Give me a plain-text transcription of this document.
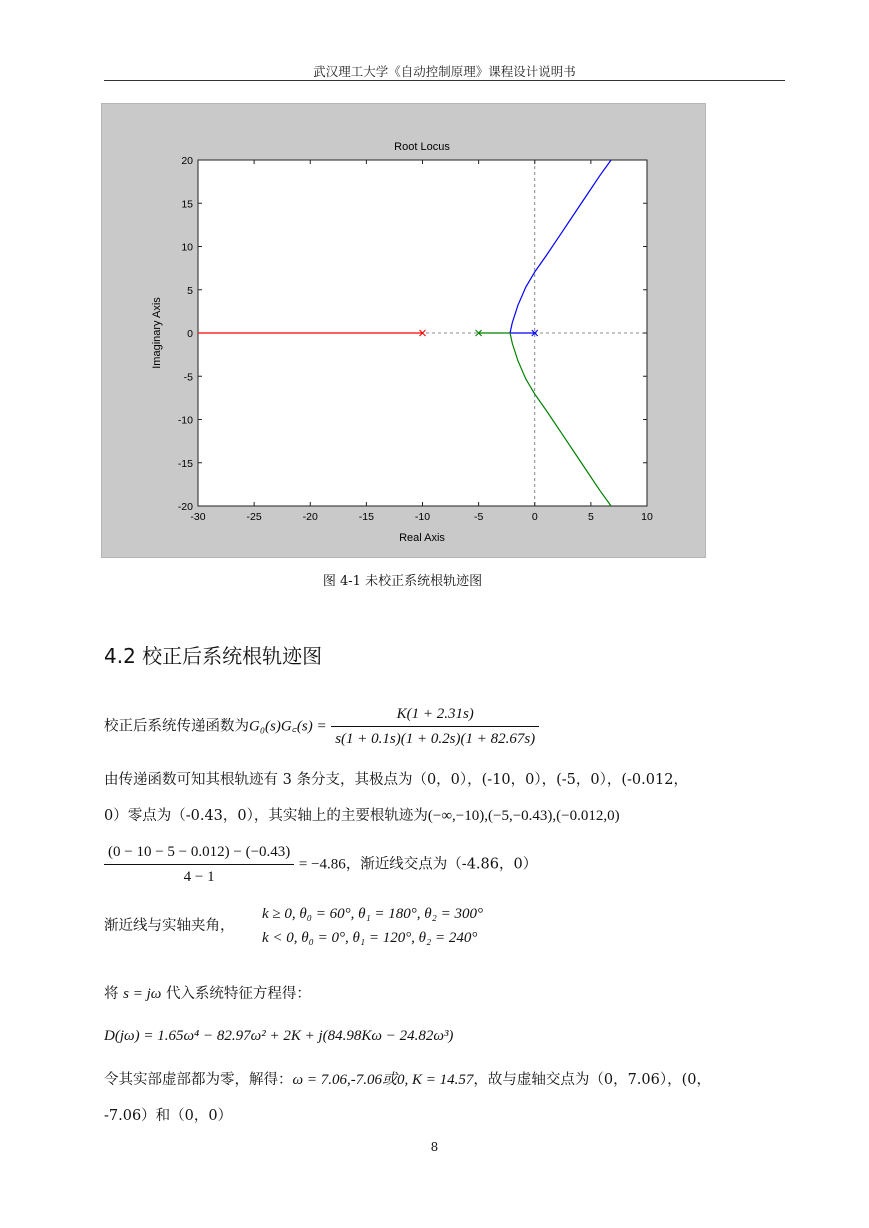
武汉理工大学《自动控制原理》课程设计说明书
-30	-25	-20	-15	-10	-5	0	5	10
20
15
10
5
0
-5
-10
-15
-20
Root Locus
Real Axis
Imaginary Axis
图 4-1 未校正系统根轨迹图
4.2 校正后系统根轨迹图
校正后系统传递函数为G₀(s)G꜀(s) = $\frac{K(1 + 2.31s)}{s(1 + 0.1s)(1 + 0.2s)(1 + 82.67s)}$
由传递函数可知其根轨迹有 3 条分支，其极点为（0，0），(-10，0），(-5，0），(-0.012，
0）零点为（-0.43，0），其实轴上的主要根轨迹为(−∞,−10),(−5,−0.43),(−0.012,0)
$\frac{(0 - 10 - 5 - 0.012) - (-0.43)}{4 - 1} = -4.86$，渐近线交点为（-4.86，0）
渐近线与实轴夹角，
k ≥ 0, θ₀ = 60°, θ₁ = 180°, θ₂ = 300°
k < 0, θ₀ = 0°, θ₁ = 120°, θ₂ = 240°
将 s = jω 代入系统特征方程得：
D(jω) = 1.65ω⁴ − 82.97ω² + 2K + j(84.98Kω − 24.82ω³)
令其实部虚部都为零，解得：ω = 7.06,-7.06或0, K = 14.57，故与虚轴交点为（0，7.06），(0，
-7.06）和（0，0）
8
